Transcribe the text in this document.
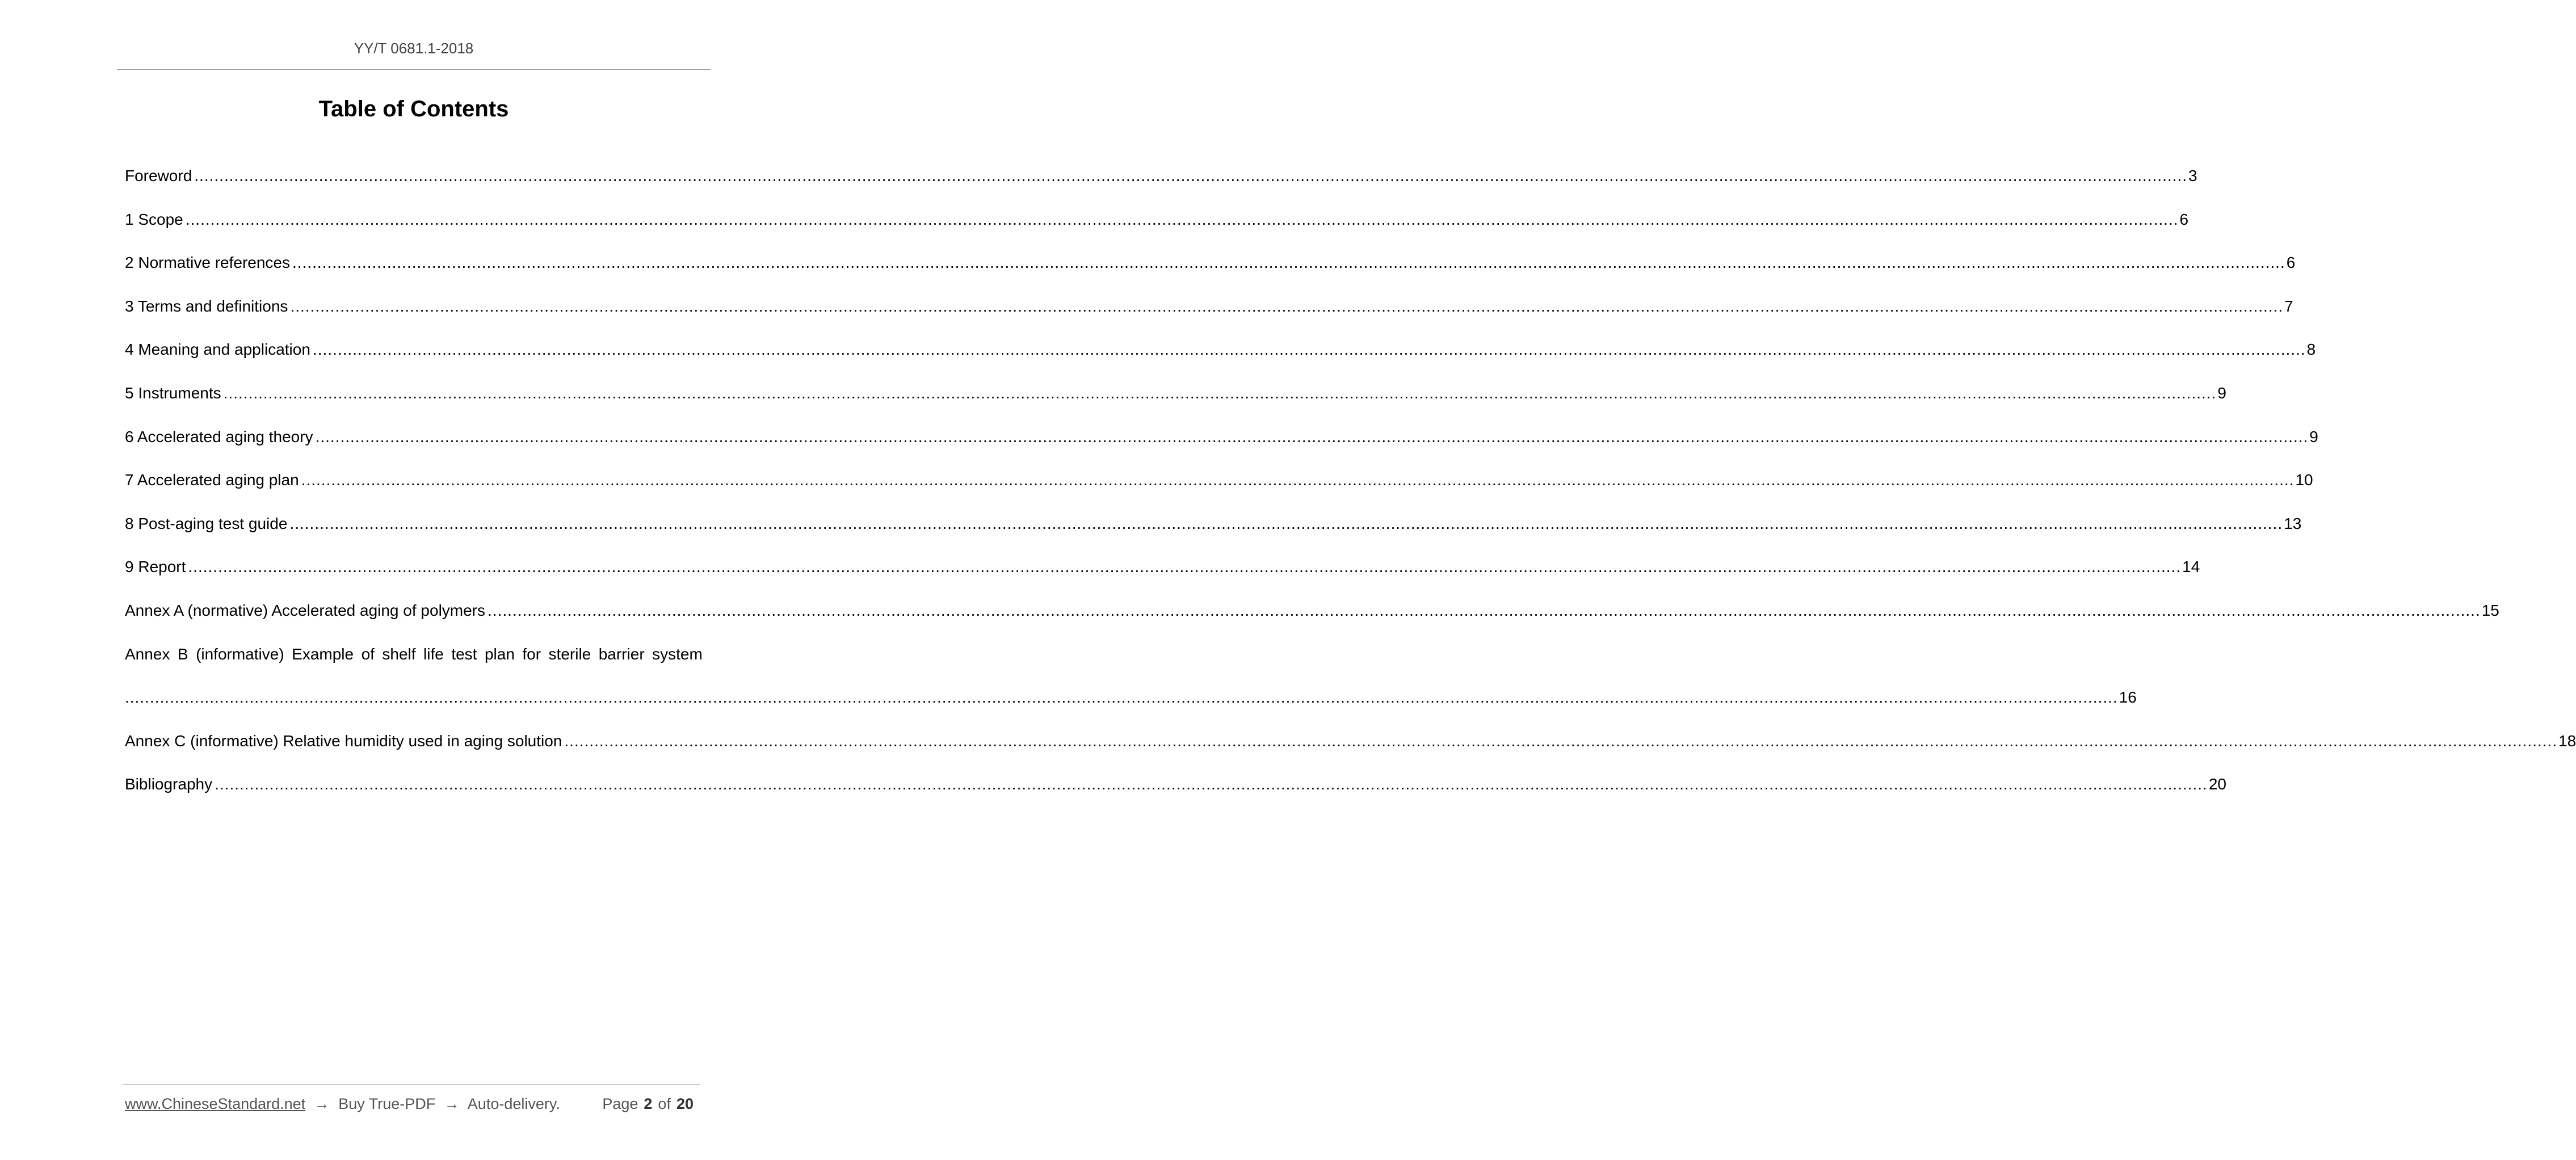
YY/T 0681.1-2018
Table of Contents
Foreword ................................................................................................................................................................................................................................................................................................................................................................................................................ 3
1 Scope ................................................................................................................................................................................................................................................................................................................................................................................................................ 6
2 Normative references ................................................................................................................................................................................................................................................................................................................................................................................................................ 6
3 Terms and definitions ................................................................................................................................................................................................................................................................................................................................................................................................................ 7
4 Meaning and application ................................................................................................................................................................................................................................................................................................................................................................................................................ 8
5 Instruments ................................................................................................................................................................................................................................................................................................................................................................................................................ 9
6 Accelerated aging theory ................................................................................................................................................................................................................................................................................................................................................................................................................ 9
7 Accelerated aging plan ................................................................................................................................................................................................................................................................................................................................................................................................................ 10
8 Post-aging test guide ................................................................................................................................................................................................................................................................................................................................................................................................................ 13
9 Report ................................................................................................................................................................................................................................................................................................................................................................................................................ 14
Annex A (normative) Accelerated aging of polymers ................................................................................................................................................................................................................................................................................................................................................................................................................ 15
Annex B (informative) Example of shelf life test plan for sterile barrier system
................................................................................................................................................................................................................................................................................................................................................................................................................ 16
Annex C (informative) Relative humidity used in aging solution ................................................................................................................................................................................................................................................................................................................................................................................................................ 18
Bibliography ................................................................................................................................................................................................................................................................................................................................................................................................................ 20
www.ChineseStandard.net → Buy True-PDF → Auto-delivery.	Page 2 of 20
